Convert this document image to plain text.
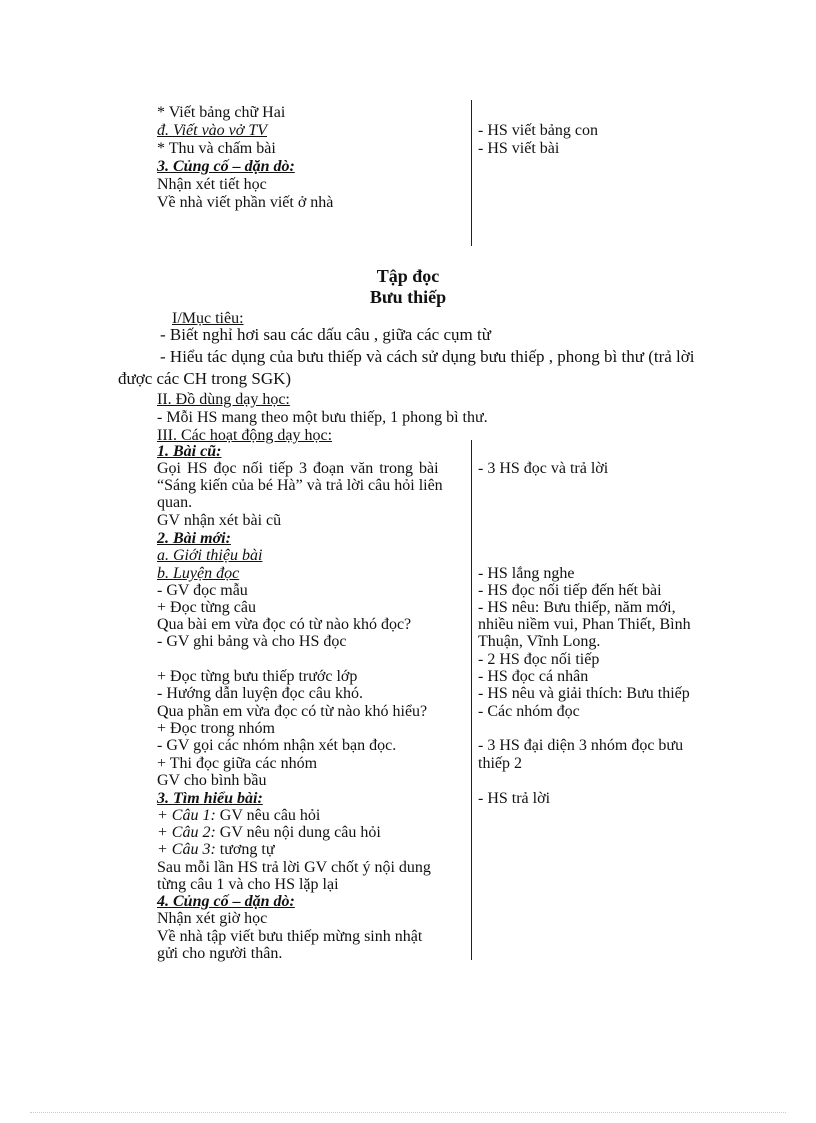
* Viết bảng chữ Hai
đ. Viết vào vở TV
* Thu và chấm bài
3. Củng cố – dặn dò:
Nhận xét tiết học
Về nhà viết phần viết ở nhà
- HS viết bảng con
- HS viết bài
Tập đọc
Bưu thiếp
I/Mục tiêu:
- Biết nghỉ hơi sau các dấu câu , giữa các cụm từ
- Hiểu tác dụng của bưu thiếp và cách sử dụng bưu thiếp , phong bì thư (trả lời
được các CH trong SGK)
II. Đồ dùng dạy học:
- Mỗi HS mang theo một bưu thiếp, 1 phong bì thư.
III. Các hoạt động dạy học:
1. Bài cũ:
Gọi HS đọc nối tiếp 3 đoạn văn trong bài
“Sáng kiến của bé Hà” và trả lời câu hỏi liên
quan.
GV nhận xét bài cũ
2. Bài mới:
a. Giới thiệu bài
b. Luyện đọc
- GV đọc mẫu
+ Đọc từng câu
Qua bài em vừa đọc có từ nào khó đọc?
- GV ghi bảng và cho HS đọc
+ Đọc từng bưu thiếp trước lớp
- Hướng dẫn luyện đọc câu khó.
Qua phần em vừa đọc có từ nào khó hiểu?
+ Đọc trong nhóm
- GV gọi các nhóm nhận xét bạn đọc.
+ Thi đọc giữa các nhóm
GV cho bình bầu
3. Tìm hiểu bài:
+ Câu 1: GV nêu câu hỏi
+ Câu 2: GV nêu nội dung câu hỏi
+ Câu 3: tương tự
Sau mỗi lần HS trả lời GV chốt ý nội dung
từng câu 1 và cho HS lặp lại
4. Củng cố – dặn dò:
Nhận xét giờ học
Về nhà tập viết bưu thiếp mừng sinh nhật
gửi cho người thân.
- 3 HS đọc và trả lời
- HS lắng nghe
- HS đọc nối tiếp đến hết bài
- HS nêu: Bưu thiếp, năm mới,
nhiều niềm vui, Phan Thiết, Bình
Thuận, Vĩnh Long.
- 2 HS đọc nối tiếp
- HS đọc cá nhân
- HS nêu và giải thích: Bưu thiếp
- Các nhóm đọc
- 3 HS đại diện 3 nhóm đọc bưu
thiếp 2
- HS trả lời
